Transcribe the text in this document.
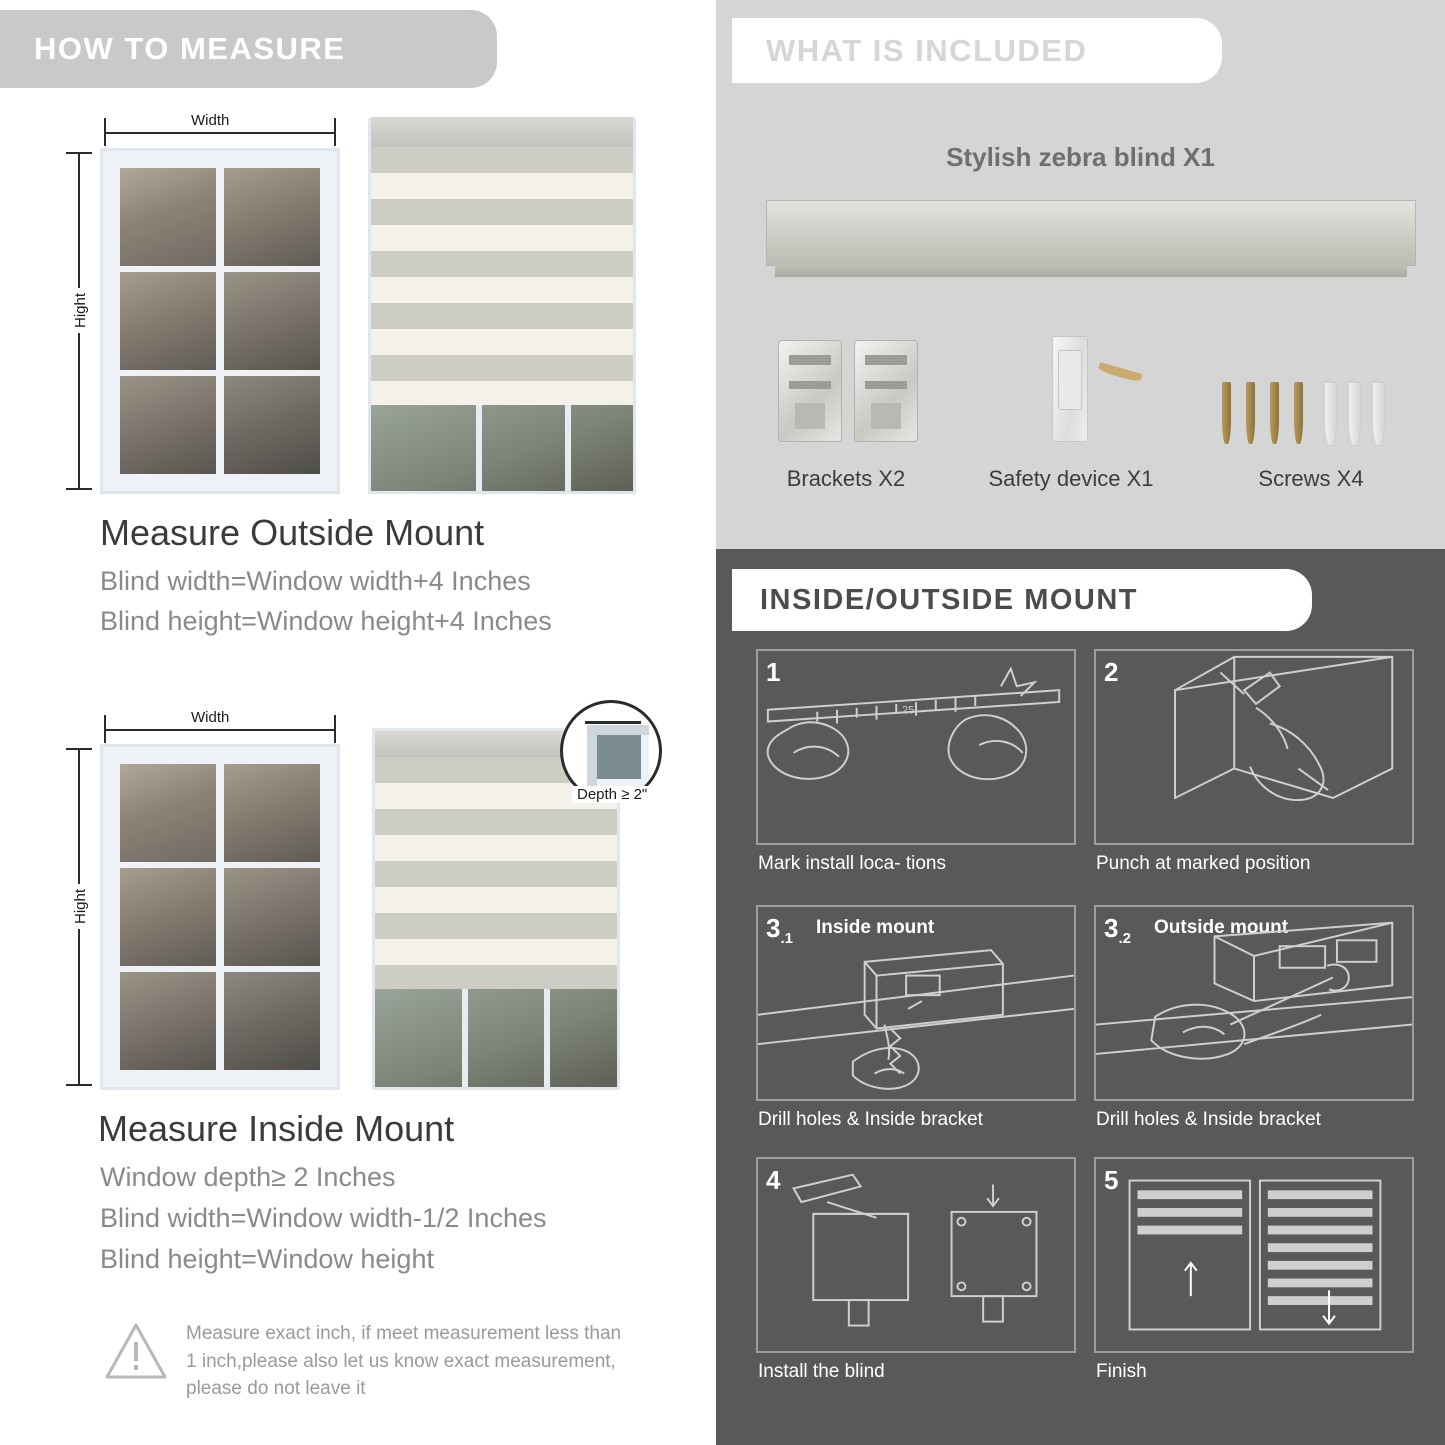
HOW TO MEASURE
Width
Hight
Measure Outside Mount
Blind width=Window width+4 Inches
Blind height=Window height+4 Inches
Width
Hight
Depth ≥ 2"
Measure Inside Mount
Window depth≥ 2 Inches
Blind width=Window width-1/2 Inches
Blind height=Window height
Measure exact inch, if meet measurement less than 1 inch,please also let us know exact measurement, please do not leave it
WHAT IS INCLUDED
Stylish zebra blind X1
Brackets X2	Safety device X1	Screws X4
INSIDE/OUTSIDE MOUNT
1
25
Mark install loca- tions
2
Punch at marked position
$3_{.1}$
Inside mount
Drill holes & Inside bracket
$3_{.2}$
Outside mount
Drill holes & Inside bracket
4
Install the blind
5
Finish
